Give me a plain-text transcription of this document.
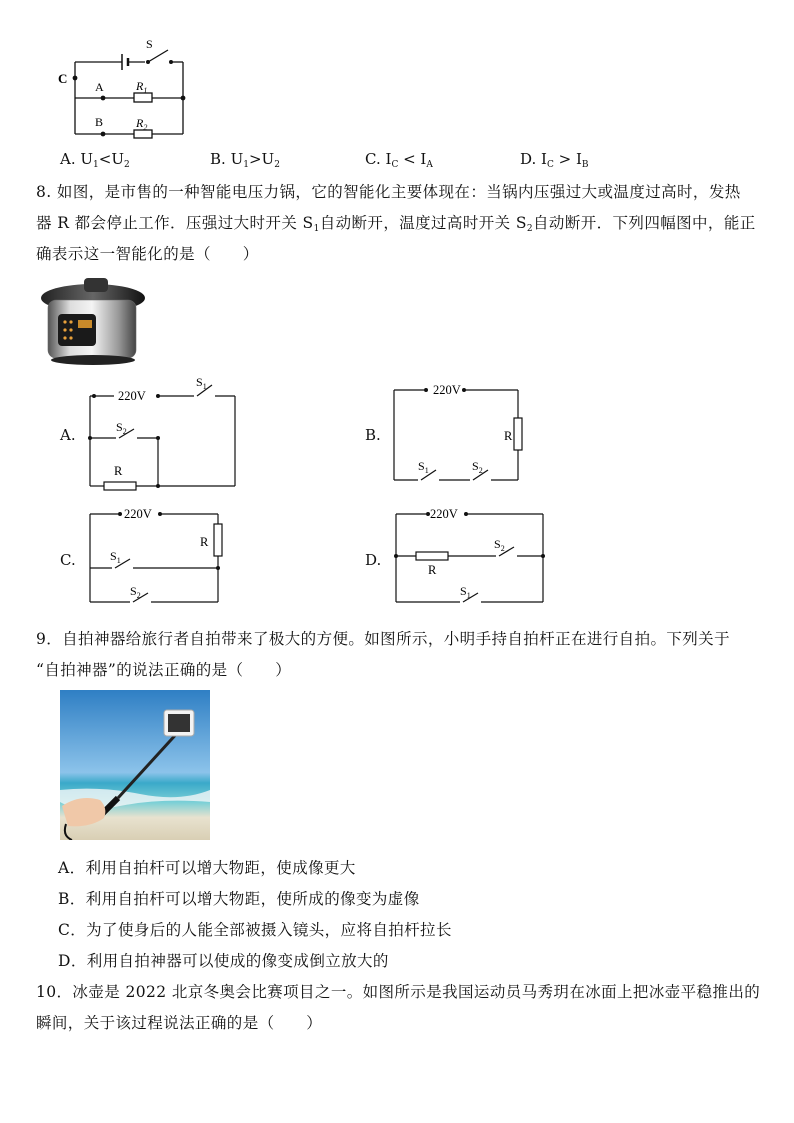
S
C
A
B
$R_1$
$R_2$
A. $U_1<U_2$	B. $U_1>U_2$	C. $I_C < I_A$	D. $I_C > I_B$
8. 如图，是市售的一种智能电压力锅，它的智能化主要体现在：当锅内压强过大或温度过高时，发热
器 R 都会停止工作．压强过大时开关 $S_1$自动断开，温度过高时开关 $S_2$自动断开．下列四幅图中，能正
确表示这一智能化的是（　　）
A.
220V
$S_1$
$S_2$
R
B.
220V
R
$S_1$	$S_2$
C.
220V
R
$S_1$
$S_2$
D.
220V
R
$S_2$
$S_1$
9．自拍神器给旅行者自拍带来了极大的方便。如图所示，小明手持自拍杆正在进行自拍。下列关于
“自拍神器”的说法正确的是（　　）
A．利用自拍杆可以增大物距，使成像更大
B．利用自拍杆可以增大物距，使所成的像变为虚像
C．为了使身后的人能全部被摄入镜头，应将自拍杆拉长
D．利用自拍神器可以使成的像变成倒立放大的
10．冰壶是 2022 北京冬奥会比赛项目之一。如图所示是我国运动员马秀玥在冰面上把冰壶平稳推出的
瞬间，关于该过程说法正确的是（　　）
